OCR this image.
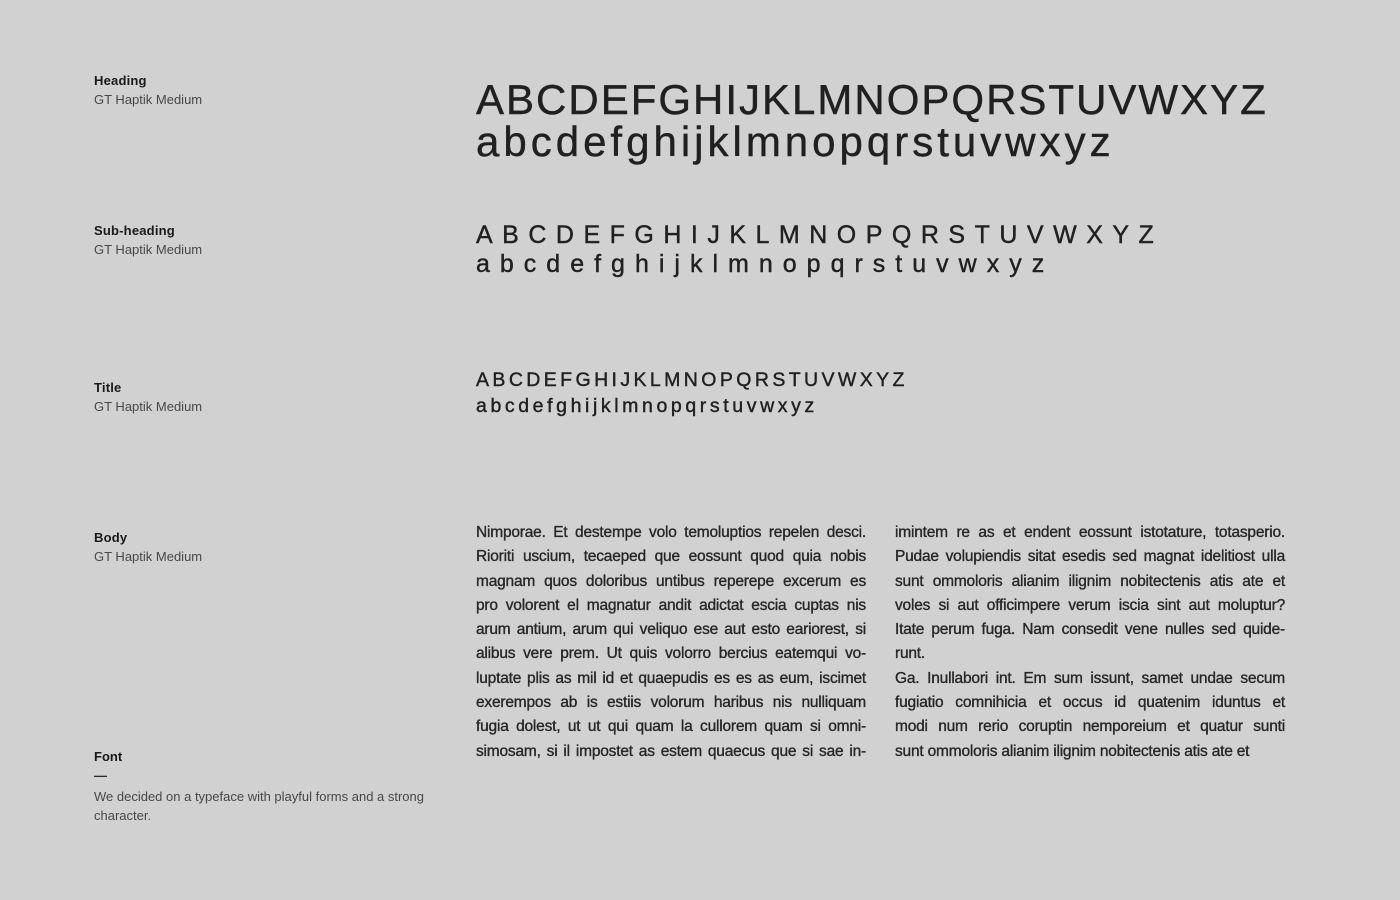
Heading
GT Haptik Medium	ABCDEFGHIJKLMNOPQRSTUVWXYZ
abcdefghijklmnopqrstuvwxyz
Sub-heading
GT Haptik Medium
ABCDEFGHIJKLMNOPQRSTUVWXYZ
abcdefghijklmnopqrstuvwxyz
Title
GT Haptik Medium
ABCDEFGHIJKLMNOPQRSTUVWXYZ
abcdefghijklmnopqrstuvwxyz
Body
GT Haptik Medium
Nimporae. Et destempe volo temoluptios repelen desci.
Rioriti uscium, tecaeped que eossunt quod quia nobis
magnam quos doloribus untibus reperepe excerum es
pro volorent el magnatur andit adictat escia cuptas nis
arum antium, arum qui veliquo ese aut esto eariorest, si
alibus vere prem. Ut quis volorro bercius eatemqui vo-
luptate plis as mil id et quaepudis es es as eum, iscimet
exerempos ab is estiis volorum haribus nis nulliquam
fugia dolest, ut ut qui quam la cullorem quam si omni-
simosam, si il impostet as estem quaecus que si sae in-
imintem re as et endent eossunt istotature, totasperio.
Pudae volupiendis sitat esedis sed magnat idelitiost ulla
sunt ommoloris alianim ilignim nobitectenis atis ate et
voles si aut officimpere verum iscia sint aut moluptur?
Itate perum fuga. Nam consedit vene nulles sed quide-
runt.
Ga. Inullabori int. Em sum issunt, samet undae secum
fugiatio comnihicia et occus id quatenim iduntus et
modi num rerio coruptin nemporeium et quatur sunti
sunt ommoloris alianim ilignim nobitectenis atis ate et
Font
—
We decided on a typeface with playful forms and a strong character.
